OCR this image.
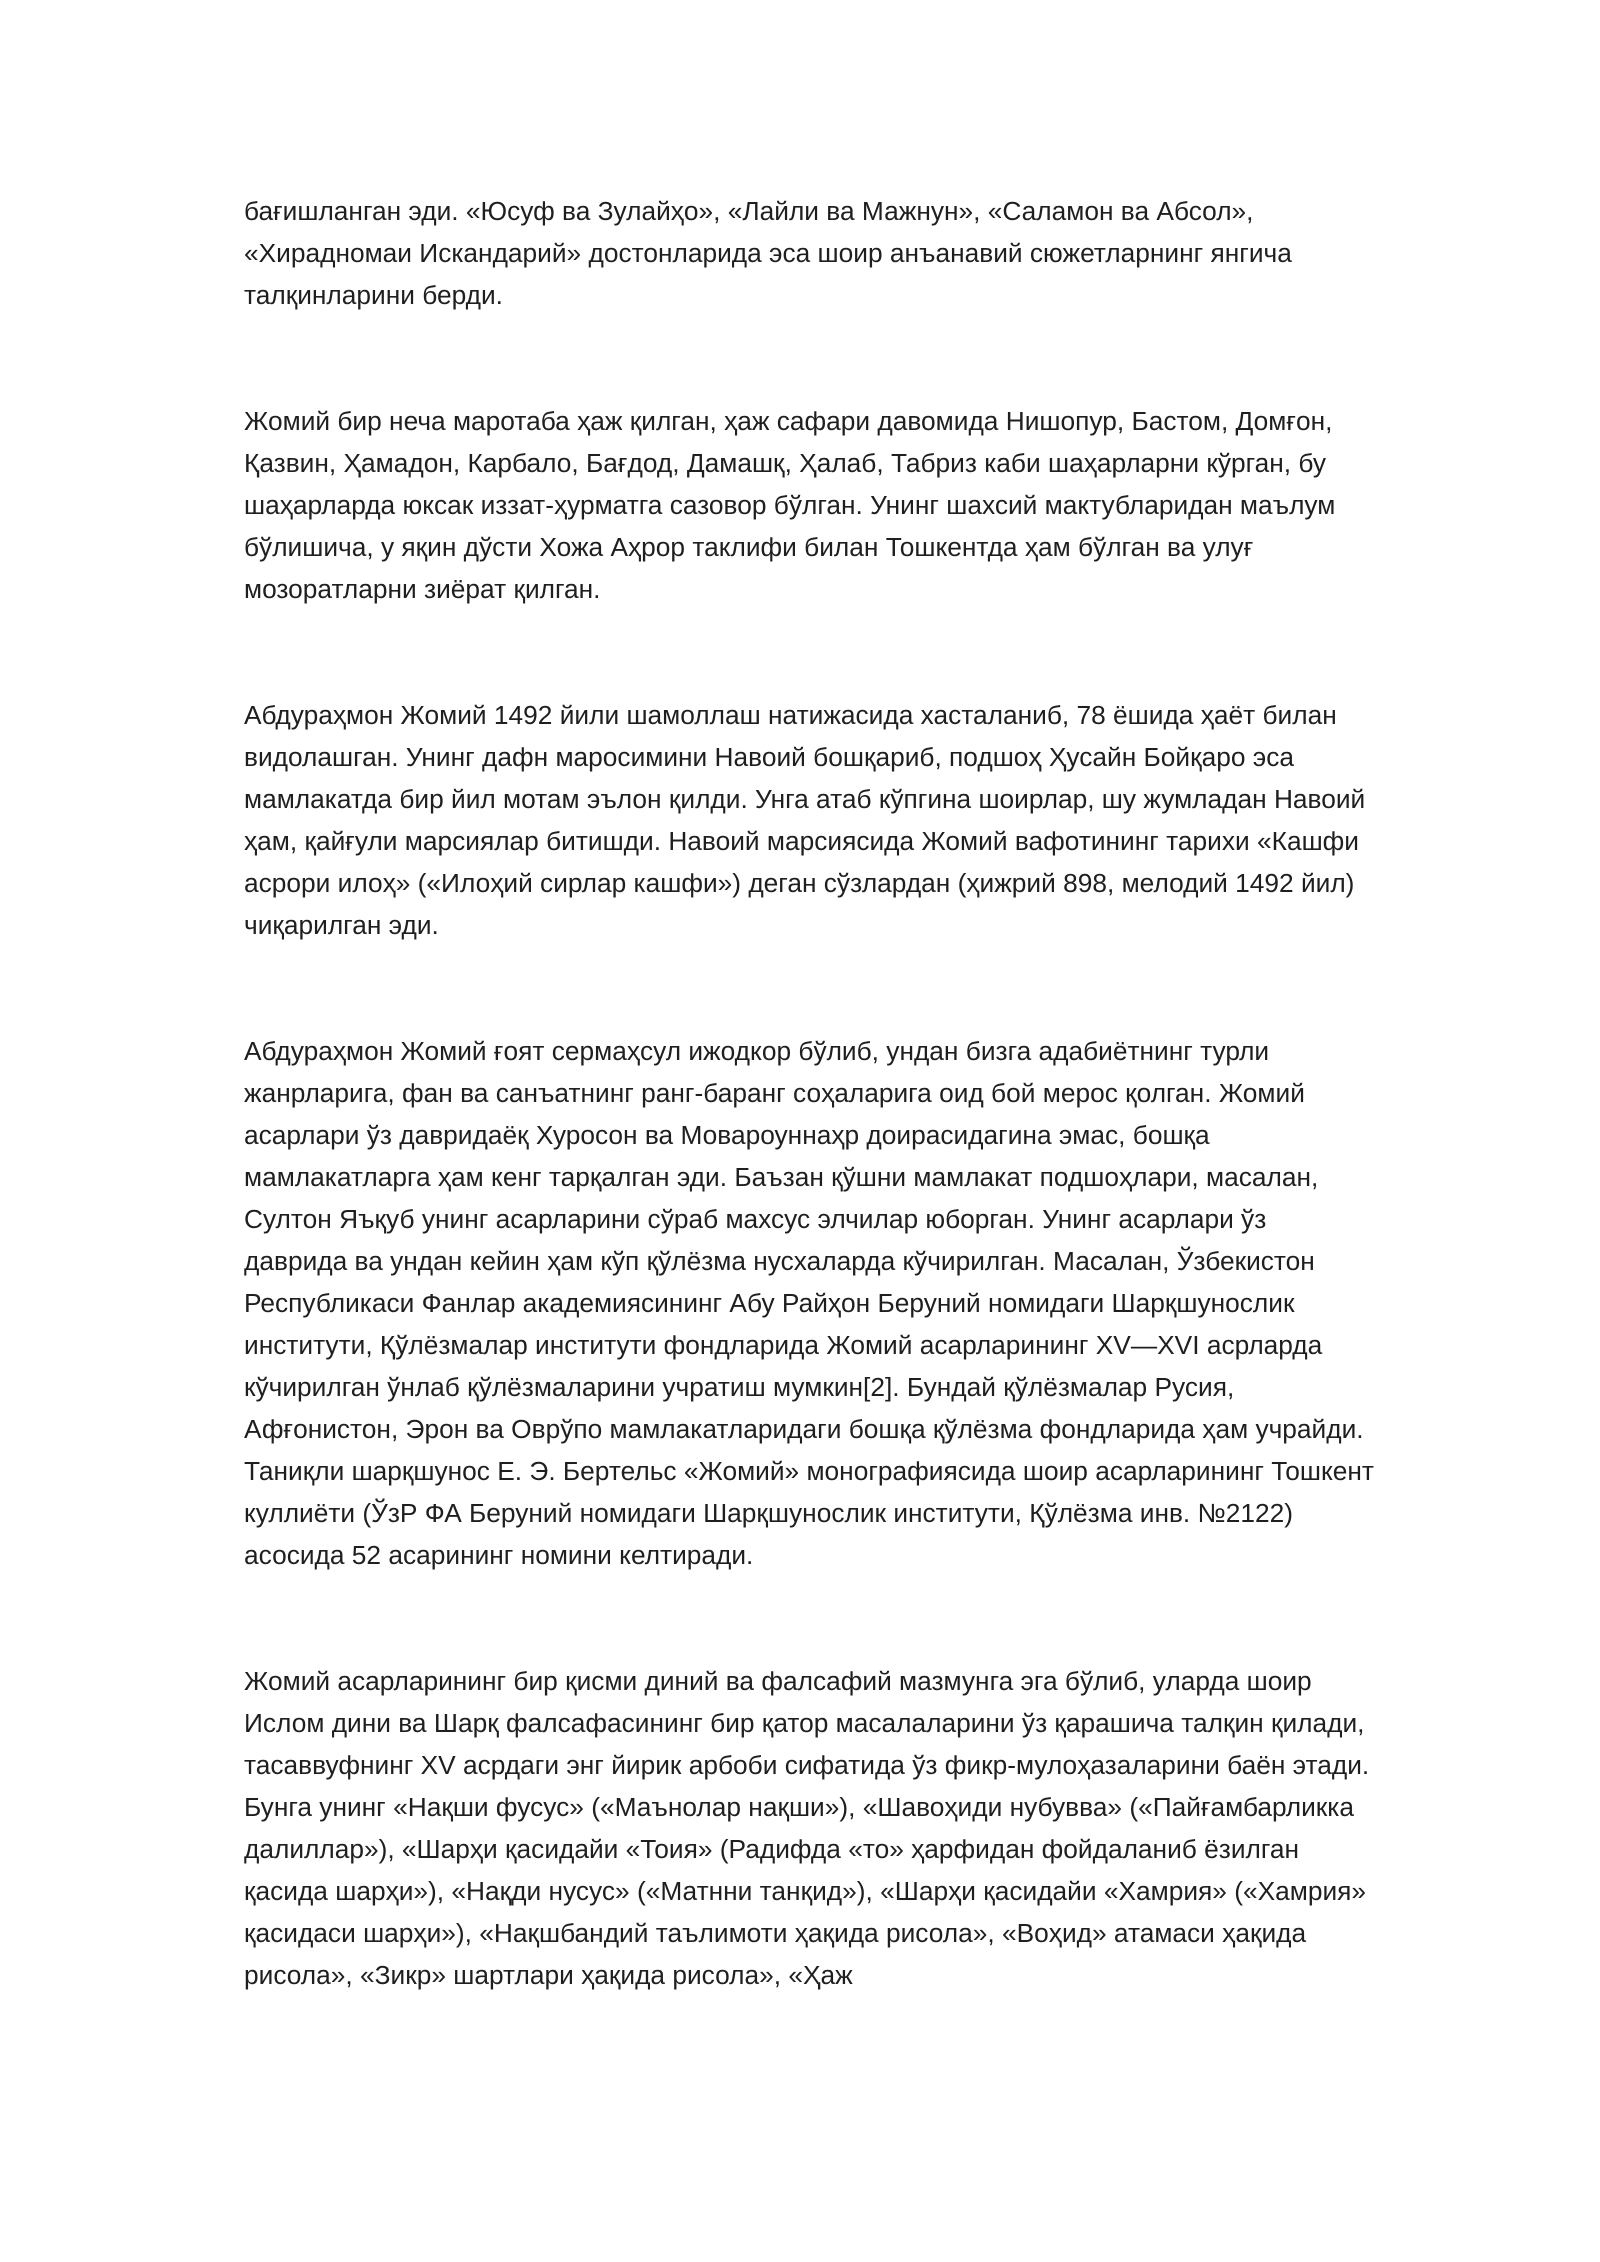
бағишланган эди. «Юсуф ва Зулайҳо», «Лайли ва Мажнун», «Саламон ва Абсол», «Хирадномаи Искандарий» достонларида эса шоир анъанавий сюжетларнинг янгича талқинларини берди.

Жомий бир неча маротаба ҳаж қилган, ҳаж сафари давомида Нишопур, Бастом, Домғон, Қазвин, Ҳамадон, Карбало, Бағдод, Дамашқ, Ҳалаб, Табриз каби шаҳарларни кўрган, бу шаҳарларда юксак иззат-ҳурматга сазовор бўлган. Унинг шахсий мактубларидан маълум бўлишича, у яқин дўсти Хожа Аҳрор таклифи билан Тошкентда ҳам бўлган ва улуғ мозоратларни зиёрат қилган.

Абдураҳмон Жомий 1492 йили шамоллаш натижасида хасталаниб, 78 ёшида ҳаёт билан видолашган. Унинг дафн маросимини Навоий бошқариб, подшоҳ Ҳусайн Бойқаро эса мамлакатда бир йил мотам эълон қилди. Унга атаб кўпгина шоирлар, шу жумладан Навоий ҳам, қайғули марсиялар битишди. Навоий марсиясида Жомий вафотининг тарихи «Кашфи асрори илоҳ» («Илоҳий сирлар кашфи») деган сўзлардан (ҳижрий 898, мелодий 1492 йил) чиқарилган эди.

Абдураҳмон Жомий ғоят сермаҳсул ижодкор бўлиб, ундан бизга адабиётнинг турли жанрларига, фан ва санъатнинг ранг-баранг соҳаларига оид бой мерос қолган. Жомий асарлари ўз давридаёқ Хуросон ва Мовароуннаҳр доирасидагина эмас, бошқа мамлакатларга ҳам кенг тарқалган эди. Баъзан қўшни мамлакат подшоҳлари, масалан, Султон Яъқуб унинг асарларини сўраб махсус элчилар юборган. Унинг асарлари ўз даврида ва ундан кейин ҳам кўп қўлёзма нусхаларда кўчирилган. Масалан, Ўзбекистон Республикаси Фанлар академиясининг Абу Райҳон Беруний номидаги Шарқшунослик институти, Қўлёзмалар институти фондларида Жомий асарларининг XV—XVI асрларда кўчирилган ўнлаб қўлёзмаларини учратиш мумкин[2]. Бундай қўлёзмалар Русия, Афғонистон, Эрон ва Оврўпо мамлакатларидаги бошқа қўлёзма фондларида ҳам учрайди. Таниқли шарқшунос Е. Э. Бертельс «Жомий» монографиясида шоир асарларининг Тошкент куллиёти (ЎзР ФА Беруний номидаги Шарқшунослик институти, Қўлёзма инв. №2122) асосида 52 асарининг номини келтиради.

Жомий асарларининг бир қисми диний ва фалсафий мазмунга эга бўлиб, уларда шоир Ислом дини ва Шарқ фалсафасининг бир қатор масалаларини ўз қарашича талқин қилади, тасаввуфнинг XV асрдаги энг йирик арбоби сифатида ўз фикр-мулоҳазаларини баён этади. Бунга унинг «Нақши фусус» («Маънолар нақши»), «Шавоҳиди нубувва» («Пайғамбарликка далиллар»), «Шарҳи қасидайи «Тоия» (Радифда «то» ҳарфидан фойдаланиб ёзилган қасида шарҳи»), «Нақди нусус» («Матнни танқид»), «Шарҳи қасидайи «Хамрия» («Хамрия» қасидаси шарҳи»), «Нақшбандий таълимоти ҳақида рисола», «Воҳид» атамаси ҳақида рисола», «Зикр» шартлари ҳақида рисола», «Ҳаж
